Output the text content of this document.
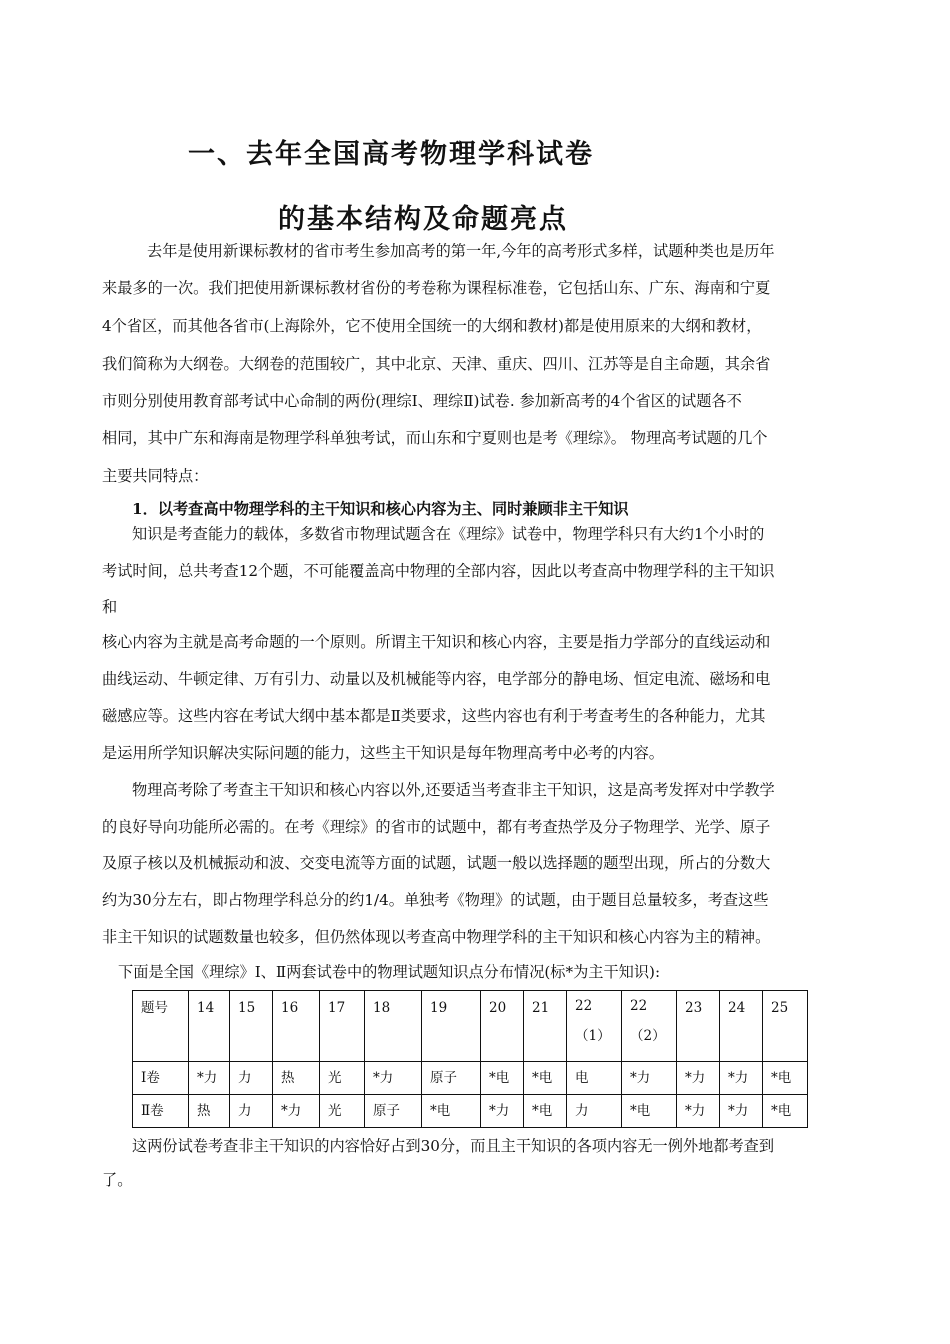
一、去年全国高考物理学科试卷
的基本结构及命题亮点
去年是使用新课标教材的省市考生参加高考的第一年,今年的高考形式多样，试题种类也是历年
来最多的一次。我们把使用新课标教材省份的考卷称为课程标准卷，它包括山东、广东、海南和宁夏
4个省区，而其他各省市(上海除外，它不使用全国统一的大纲和教材)都是使用原来的大纲和教材，
我们简称为大纲卷。大纲卷的范围较广，其中北京、天津、重庆、四川、江苏等是自主命题，其余省
市则分别使用教育部考试中心命制的两份(理综Ⅰ、理综Ⅱ)试卷. 参加新高考的4个省区的试题各不
相同，其中广东和海南是物理学科单独考试，而山东和宁夏则也是考《理综》。 物理高考试题的几个
主要共同特点：
1．以考查高中物理学科的主干知识和核心内容为主、同时兼顾非主干知识
知识是考查能力的载体，多数省市物理试题含在《理综》试卷中，物理学科只有大约1个小时的
考试时间，总共考查12个题，不可能覆盖高中物理的全部内容，因此以考查高中物理学科的主干知识
和
核心内容为主就是高考命题的一个原则。所谓主干知识和核心内容，主要是指力学部分的直线运动和
曲线运动、牛顿定律、万有引力、动量以及机械能等内容，电学部分的静电场、恒定电流、磁场和电
磁感应等。这些内容在考试大纲中基本都是Ⅱ类要求，这些内容也有利于考查考生的各种能力，尤其
是运用所学知识解决实际问题的能力，这些主干知识是每年物理高考中必考的内容。
物理高考除了考查主干知识和核心内容以外,还要适当考查非主干知识，这是高考发挥对中学教学
的良好导向功能所必需的。在考《理综》的省市的试题中，都有考查热学及分子物理学、光学、原子
及原子核以及机械振动和波、交变电流等方面的试题，试题一般以选择题的题型出现，所占的分数大
约为30分左右，即占物理学科总分的约1/4。单独考《物理》的试题，由于题目总量较多，考查这些
非主干知识的试题数量也较多，但仍然体现以考查高中物理学科的主干知识和核心内容为主的精神。
下面是全国《理综》Ⅰ、Ⅱ两套试卷中的物理试题知识点分布情况(标*为主干知识):
题号	14	15	16	17	18	19	20	21	22（1）	22（2）	23	24	25
Ⅰ卷	*力	力	热	光	*力	原子	*电	*电	电	*力	*力	*力	*电
Ⅱ卷	热	力	*力	光	原子	*电	*力	*电	力	*电	*力	*力	*电
这两份试卷考查非主干知识的内容恰好占到30分，而且主干知识的各项内容无一例外地都考查到
了。
